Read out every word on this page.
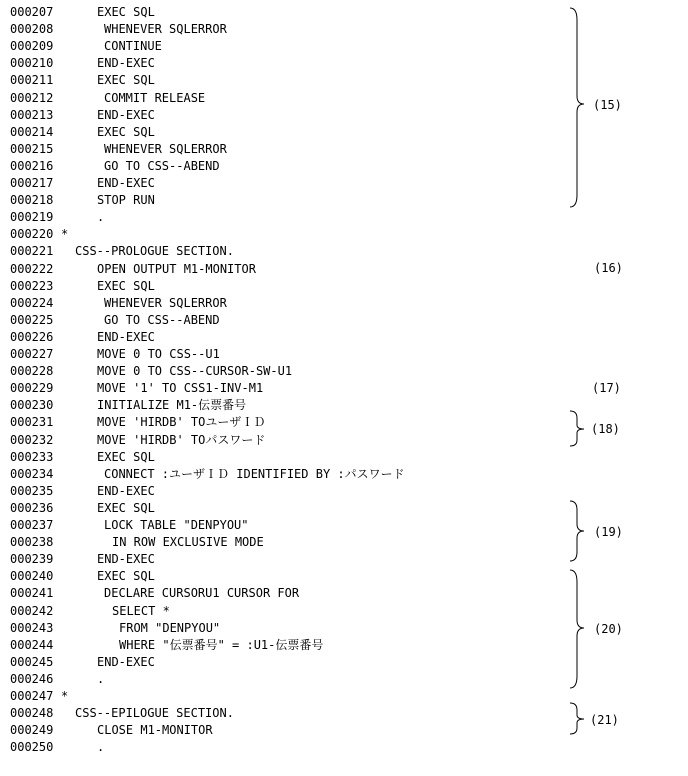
000207	EXEC SQL
000208	WHENEVER SQLERROR
000209	CONTINUE
000210	END-EXEC
000211	EXEC SQL
000212	COMMIT RELEASE
000213	END-EXEC
000214	EXEC SQL
000215	WHENEVER SQLERROR
000216	GO TO CSS--ABEND
000217	END-EXEC
000218	STOP RUN
000219	.
000220 *
000221 CSS--PROLOGUE SECTION.
000222	OPEN OUTPUT M1-MONITOR
000223	EXEC SQL
000224	WHENEVER SQLERROR
000225	GO TO CSS--ABEND
000226	END-EXEC
000227	MOVE 0 TO CSS--U1
000228	MOVE 0 TO CSS--CURSOR-SW-U1
000229	MOVE '1' TO CSS1-INV-M1
000230	INITIALIZE M1-伝票番号
000231	MOVE 'HIRDB' TOユーザＩＤ
000232	MOVE 'HIRDB' TOパスワード
000233	EXEC SQL
000234	CONNECT :ユーザＩＤ IDENTIFIED BY :パスワード
000235	END-EXEC
000236	EXEC SQL
000237	LOCK TABLE "DENPYOU"
000238	IN ROW EXCLUSIVE MODE
000239	END-EXEC
000240	EXEC SQL
000241	DECLARE CURSORU1 CURSOR FOR
000242	SELECT *
000243	FROM "DENPYOU"
000244	WHERE "伝票番号" = :U1-伝票番号
000245	END-EXEC
000246	.
000247 *
000248 CSS--EPILOGUE SECTION.
000249	CLOSE M1-MONITOR
000250	.
(15)
(16)
(17)
(18)
(19)
(20)
(21)
